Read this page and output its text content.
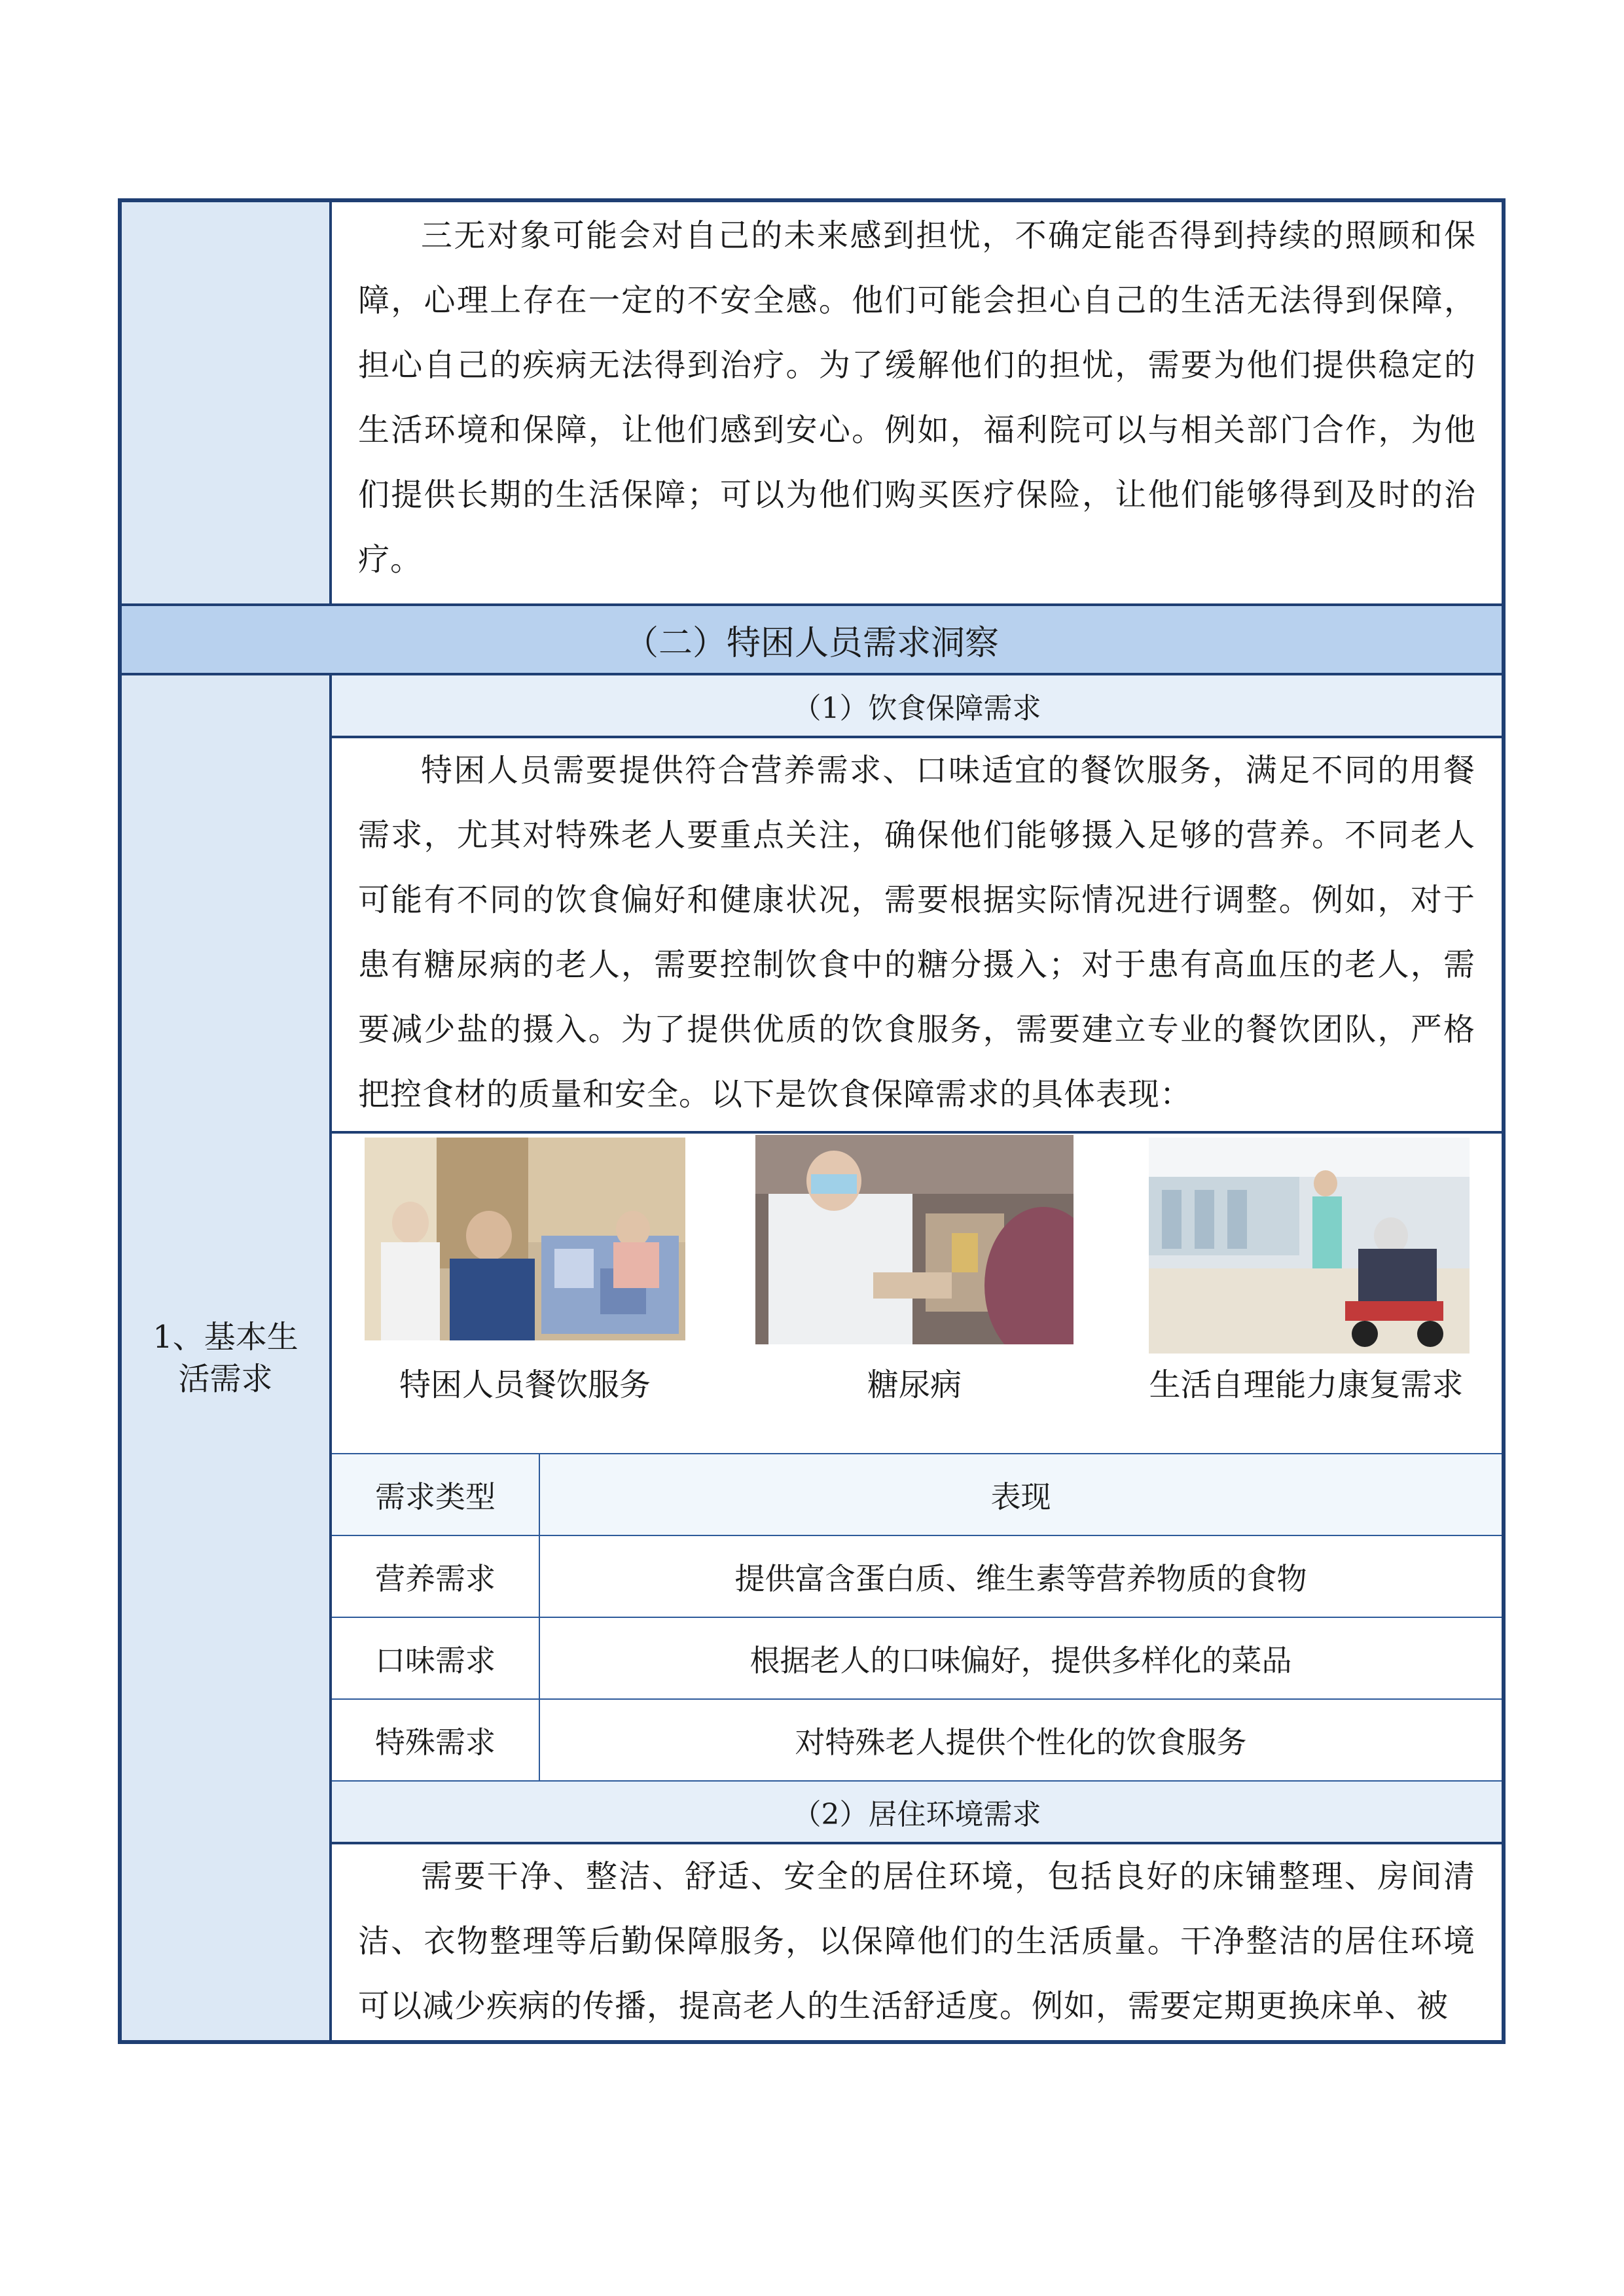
1、基本生活需求

三无对象可能会对自己的未来感到担忧，不确定能否得到持续的照顾和保障，心理上存在一定的不安全感。他们可能会担心自己的生活无法得到保障，担心自己的疾病无法得到治疗。为了缓解他们的担忧，需要为他们提供稳定的生活环境和保障，让他们感到安心。例如，福利院可以与相关部门合作，为他们提供长期的生活保障；可以为他们购买医疗保险，让他们能够得到及时的治疗。

（二）特困人员需求洞察
（1）饮食保障需求

特困人员需要提供符合营养需求、口味适宜的餐饮服务，满足不同的用餐需求，尤其对特殊老人要重点关注，确保他们能够摄入足够的营养。不同老人可能有不同的饮食偏好和健康状况，需要根据实际情况进行调整。例如，对于患有糖尿病的老人，需要控制饮食中的糖分摄入；对于患有高血压的老人，需要减少盐的摄入。为了提供优质的饮食服务，需要建立专业的餐饮团队，严格把控食材的质量和安全。以下是饮食保障需求的具体表现：

特困人员餐饮服务	糖尿病	生活自理能力康复需求
需求类型	表现
营养需求	提供富含蛋白质、维生素等营养物质的食物
口味需求	根据老人的口味偏好，提供多样化的菜品
特殊需求	对特殊老人提供个性化的饮食服务
（2）居住环境需求

需要干净、整洁、舒适、安全的居住环境，包括良好的床铺整理、房间清洁、衣物整理等后勤保障服务，以保障他们的生活质量。干净整洁的居住环境可以减少疾病的传播，提高老人的生活舒适度。例如，需要定期更换床单、被
